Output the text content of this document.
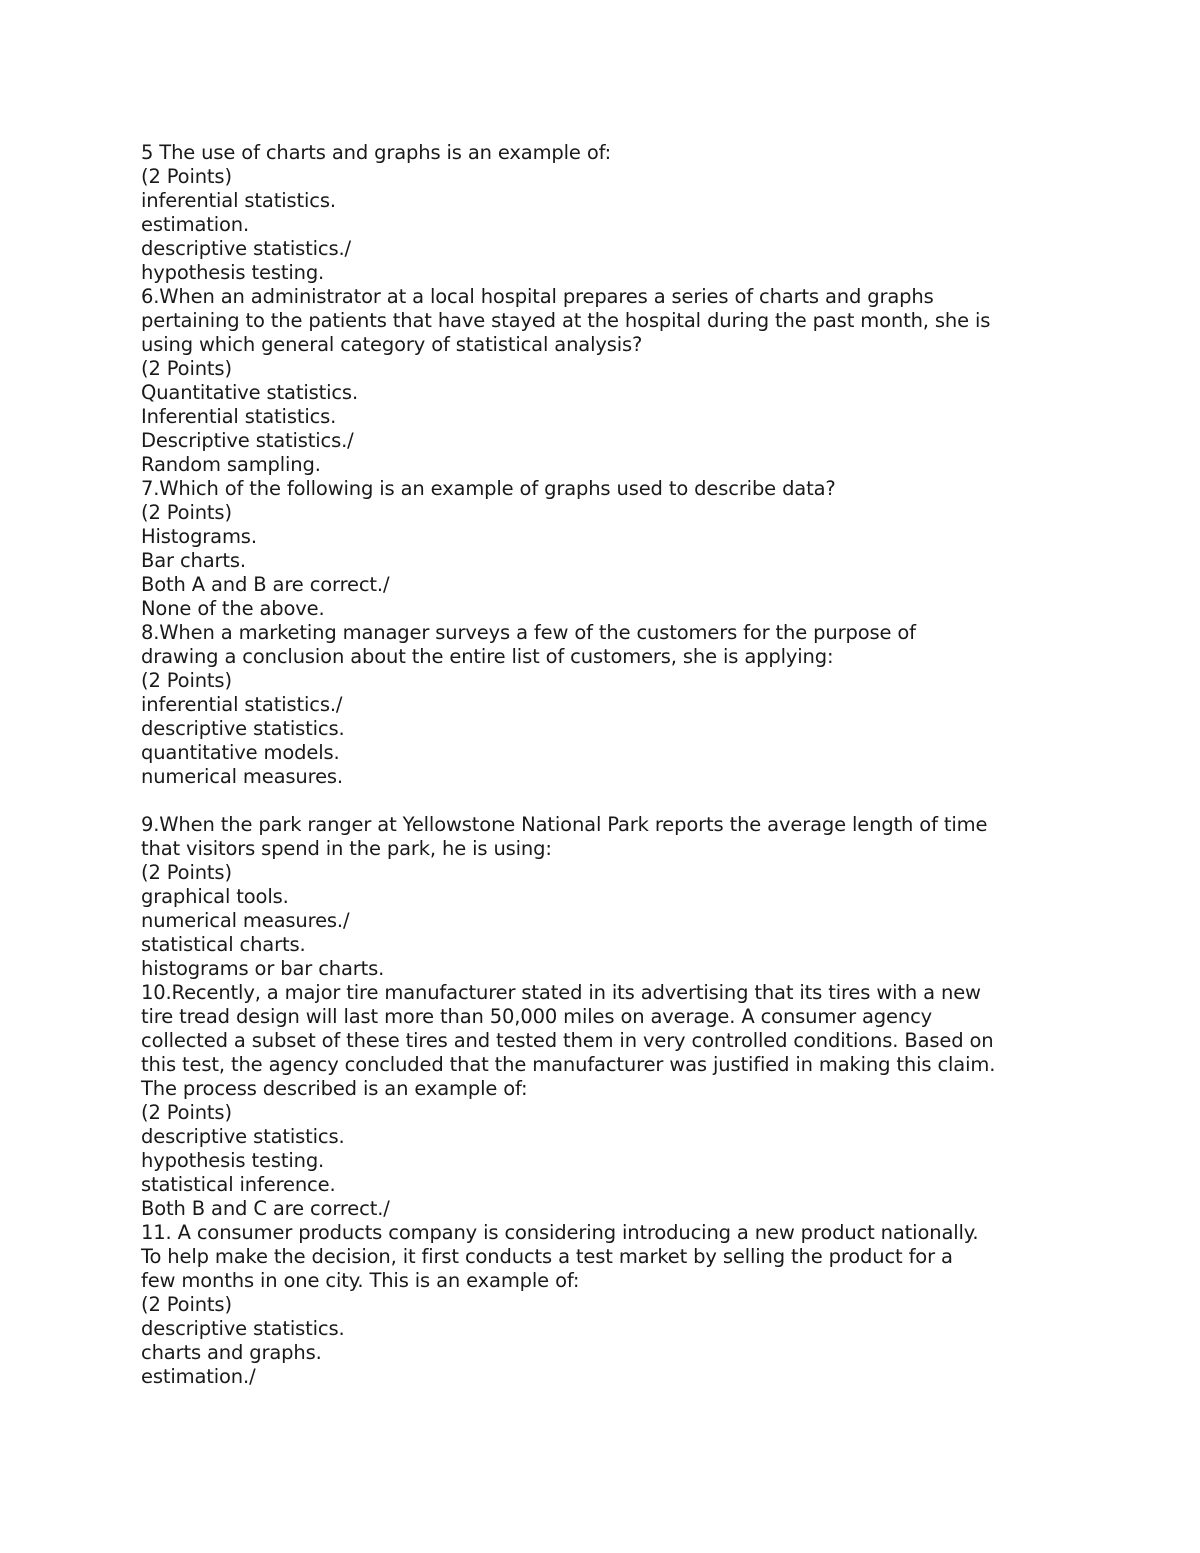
5 The use of charts and graphs is an example of:
(2 Points)
inferential statistics.
estimation.
descriptive statistics./
hypothesis testing.
6.When an administrator at a local hospital prepares a series of charts and graphs
pertaining to the patients that have stayed at the hospital during the past month, she is
using which general category of statistical analysis?
(2 Points)
Quantitative statistics.
Inferential statistics.
Descriptive statistics./
Random sampling.
7.Which of the following is an example of graphs used to describe data?
(2 Points)
Histograms.
Bar charts.
Both A and B are correct./
None of the above.
8.When a marketing manager surveys a few of the customers for the purpose of
drawing a conclusion about the entire list of customers, she is applying:
(2 Points)
inferential statistics./
descriptive statistics.
quantitative models.
numerical measures.
9.When the park ranger at Yellowstone National Park reports the average length of time
that visitors spend in the park, he is using:
(2 Points)
graphical tools.
numerical measures./
statistical charts.
histograms or bar charts.
10.Recently, a major tire manufacturer stated in its advertising that its tires with a new
tire tread design will last more than 50,000 miles on average. A consumer agency
collected a subset of these tires and tested them in very controlled conditions. Based on
this test, the agency concluded that the manufacturer was justified in making this claim.
The process described is an example of:
(2 Points)
descriptive statistics.
hypothesis testing.
statistical inference.
Both B and C are correct./
11. A consumer products company is considering introducing a new product nationally.
To help make the decision, it first conducts a test market by selling the product for a
few months in one city. This is an example of:
(2 Points)
descriptive statistics.
charts and graphs.
estimation./
